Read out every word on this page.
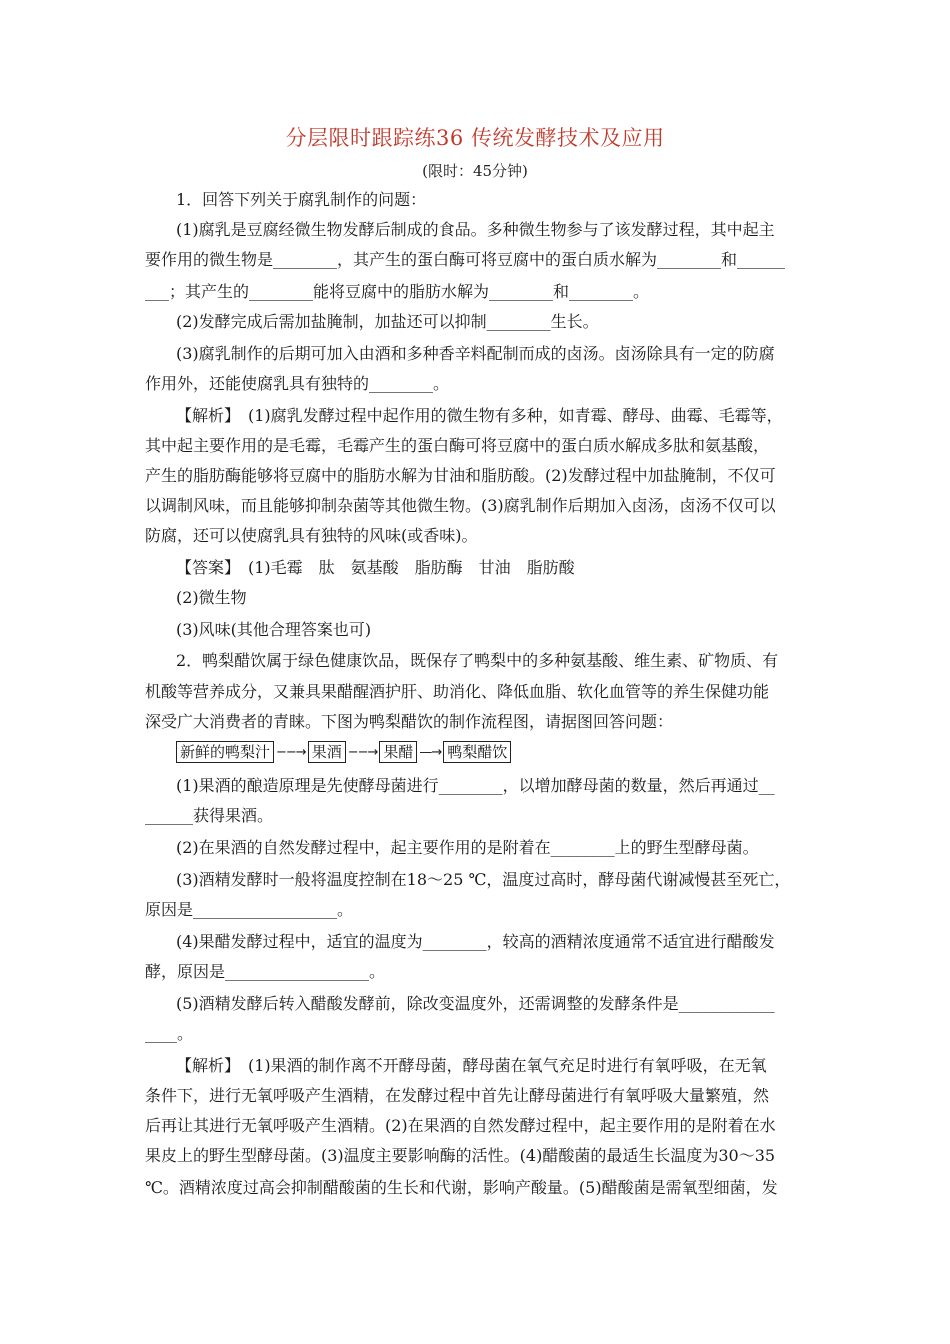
分层限时跟踪练36 传统发酵技术及应用
(限时：45分钟)
1．回答下列关于腐乳制作的问题：
(1)腐乳是豆腐经微生物发酵后制成的食品。多种微生物参与了该发酵过程，其中起主
要作用的微生物是________，其产生的蛋白酶可将豆腐中的蛋白质水解为________和______
___；其产生的________能将豆腐中的脂肪水解为________和________。
(2)发酵完成后需加盐腌制，加盐还可以抑制________生长。
(3)腐乳制作的后期可加入由酒和多种香辛料配制而成的卤汤。卤汤除具有一定的防腐
作用外，还能使腐乳具有独特的________。
【解析】　(1)腐乳发酵过程中起作用的微生物有多种，如青霉、酵母、曲霉、毛霉等，
其中起主要作用的是毛霉，毛霉产生的蛋白酶可将豆腐中的蛋白质水解成多肽和氨基酸，
产生的脂肪酶能够将豆腐中的脂肪水解为甘油和脂肪酸。(2)发酵过程中加盐腌制，不仅可
以调制风味，而且能够抑制杂菌等其他微生物。(3)腐乳制作后期加入卤汤，卤汤不仅可以
防腐，还可以使腐乳具有独特的风味(或香味)。
【答案】　(1)毛霉　肽　氨基酸　脂肪酶　甘油　脂肪酸
(2)微生物
(3)风味(其他合理答案也可)
2．鸭梨醋饮属于绿色健康饮品，既保存了鸭梨中的多种氨基酸、维生素、矿物质、有
机酸等营养成分，又兼具果醋醒酒护肝、助消化、降低血脂、软化血管等的养生保健功能
深受广大消费者的青睐。下图为鸭梨醋饮的制作流程图，请据图回答问题：
新鲜的鸭梨汁 −−→ 果酒 −−→ 果醋 —→ 鸭梨醋饮
(1)果酒的酿造原理是先使酵母菌进行________，以增加酵母菌的数量，然后再通过__
______获得果酒。
(2)在果酒的自然发酵过程中，起主要作用的是附着在________上的野生型酵母菌。
(3)酒精发酵时一般将温度控制在18～25 ℃，温度过高时，酵母菌代谢减慢甚至死亡，
原因是__________________。
(4)果醋发酵过程中，适宜的温度为________，较高的酒精浓度通常不适宜进行醋酸发
酵，原因是__________________。
(5)酒精发酵后转入醋酸发酵前，除改变温度外，还需调整的发酵条件是____________
____。
【解析】　(1)果酒的制作离不开酵母菌，酵母菌在氧气充足时进行有氧呼吸，在无氧
条件下，进行无氧呼吸产生酒精，在发酵过程中首先让酵母菌进行有氧呼吸大量繁殖，然
后再让其进行无氧呼吸产生酒精。(2)在果酒的自然发酵过程中，起主要作用的是附着在水
果皮上的野生型酵母菌。(3)温度主要影响酶的活性。(4)醋酸菌的最适生长温度为30～35
℃。酒精浓度过高会抑制醋酸菌的生长和代谢，影响产酸量。(5)醋酸菌是需氧型细菌，发
